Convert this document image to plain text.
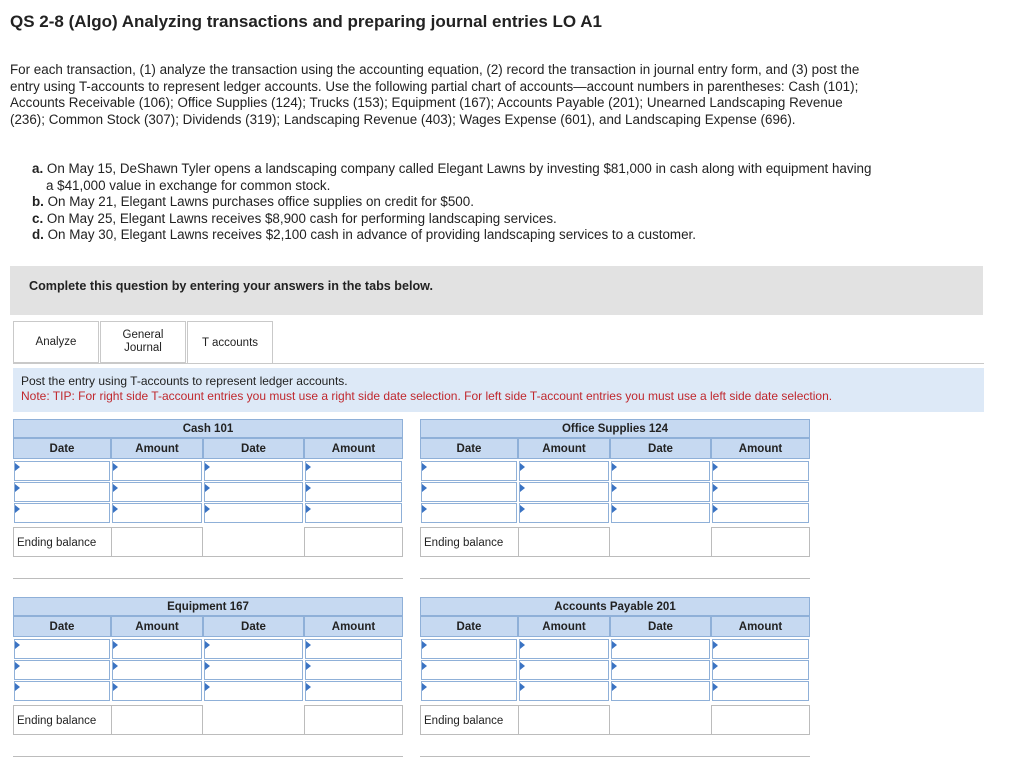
QS 2-8 (Algo) Analyzing transactions and preparing journal entries LO A1
For each transaction, (1) analyze the transaction using the accounting equation, (2) record the transaction in journal entry form, and (3) post the entry using T-accounts to represent ledger accounts. Use the following partial chart of accounts—account numbers in parentheses: Cash (101); Accounts Receivable (106); Office Supplies (124); Trucks (153); Equipment (167); Accounts Payable (201); Unearned Landscaping Revenue (236); Common Stock (307); Dividends (319); Landscaping Revenue (403); Wages Expense (601), and Landscaping Expense (696).
a. On May 15, DeShawn Tyler opens a landscaping company called Elegant Lawns by investing $81,000 in cash along with equipment having a $41,000 value in exchange for common stock.
b. On May 21, Elegant Lawns purchases office supplies on credit for $500.
c. On May 25, Elegant Lawns receives $8,900 cash for performing landscaping services.
d. On May 30, Elegant Lawns receives $2,100 cash in advance of providing landscaping services to a customer.
Complete this question by entering your answers in the tabs below.
Analyze
General Journal	T accounts
Post the entry using T-accounts to represent ledger accounts.
Note: TIP: For right side T-account entries you must use a right side date selection. For left side T-account entries you must use a left side date selection.
Cash 101
Date	Amount	Date	Amount
Ending balance
Office Supplies 124
Date	Amount	Date	Amount
Ending balance
Equipment 167
Date	Amount	Date	Amount
Ending balance
Accounts Payable 201
Date	Amount	Date	Amount
Ending balance
